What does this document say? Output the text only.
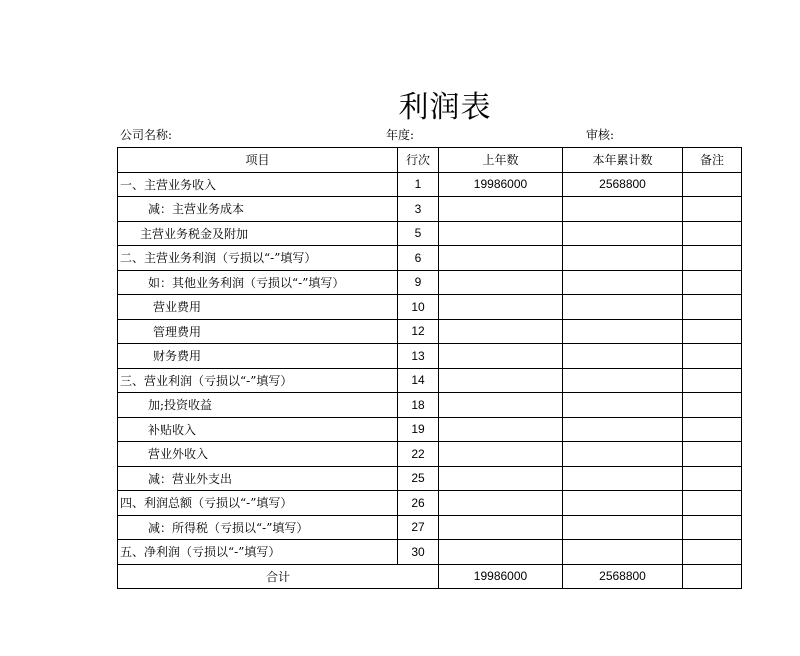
利润表
公司名称:	年度:	审核:
项目	行次	上年数	本年累计数	备注
一、主营业务收入	1	19986000	2568800	
减：主营业务成本	3			
主营业务税金及附加	5			
二、主营业务利润（亏损以“-”填写）	6			
如：其他业务利润（亏损以“-”填写）	9			
营业费用	10			
管理费用	12			
财务费用	13			
三、营业利润（亏损以“-”填写）	14			
加;投资收益	18			
补贴收入	19			
营业外收入	22			
减：营业外支出	25			
四、利润总额（亏损以“-”填写）	26			
减：所得税（亏损以“-”填写）	27			
五、净利润（亏损以“-”填写）	30			
合计		19986000	2568800	
